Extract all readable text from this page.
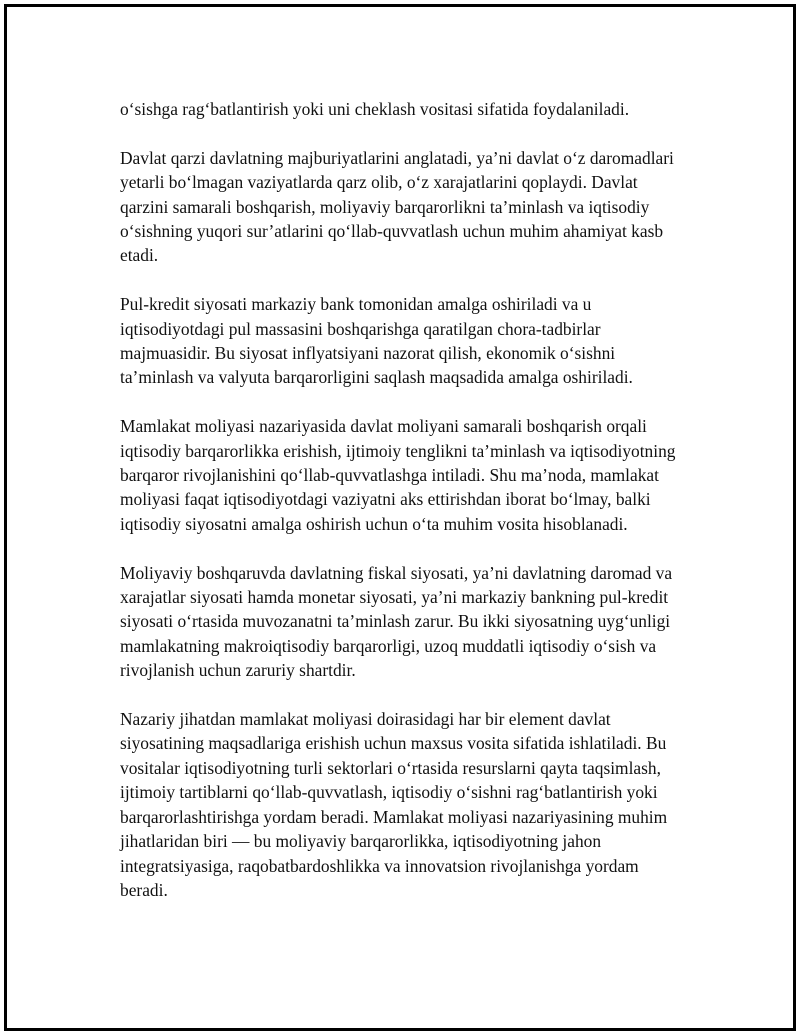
o‘sishga rag‘batlantirish yoki uni cheklash vositasi sifatida foydalaniladi.

Davlat qarzi davlatning majburiyatlarini anglatadi, ya’ni davlat o‘z daromadlari yetarli bo‘lmagan vaziyatlarda qarz olib, o‘z xarajatlarini qoplaydi. Davlat qarzini samarali boshqarish, moliyaviy barqarorlikni ta’minlash va iqtisodiy o‘sishning yuqori sur’atlarini qo‘llab-quvvatlash uchun muhim ahamiyat kasb etadi.

Pul-kredit siyosati markaziy bank tomonidan amalga oshiriladi va u iqtisodiyotdagi pul massasini boshqarishga qaratilgan chora-tadbirlar majmuasidir. Bu siyosat inflyatsiyani nazorat qilish, ekonomik o‘sishni ta’minlash va valyuta barqarorligini saqlash maqsadida amalga oshiriladi.

Mamlakat moliyasi nazariyasida davlat moliyani samarali boshqarish orqali iqtisodiy barqarorlikka erishish, ijtimoiy tenglikni ta’minlash va iqtisodiyotning barqaror rivojlanishini qo‘llab-quvvatlashga intiladi. Shu ma’noda, mamlakat moliyasi faqat iqtisodiyotdagi vaziyatni aks ettirishdan iborat bo‘lmay, balki iqtisodiy siyosatni amalga oshirish uchun o‘ta muhim vosita hisoblanadi.

Moliyaviy boshqaruvda davlatning fiskal siyosati, ya’ni davlatning daromad va xarajatlar siyosati hamda monetar siyosati, ya’ni markaziy bankning pul-kredit siyosati o‘rtasida muvozanatni ta’minlash zarur. Bu ikki siyosatning uyg‘unligi mamlakatning makroiqtisodiy barqarorligi, uzoq muddatli iqtisodiy o‘sish va rivojlanish uchun zaruriy shartdir.

Nazariy jihatdan mamlakat moliyasi doirasidagi har bir element davlat siyosatining maqsadlariga erishish uchun maxsus vosita sifatida ishlatiladi. Bu vositalar iqtisodiyotning turli sektorlari o‘rtasida resurslarni qayta taqsimlash, ijtimoiy tartiblarni qo‘llab-quvvatlash, iqtisodiy o‘sishni rag‘batlantirish yoki barqarorlashtirishga yordam beradi. Mamlakat moliyasi nazariyasining muhim jihatlaridan biri — bu moliyaviy barqarorlikka, iqtisodiyotning jahon integratsiyasiga, raqobatbardoshlikka va innovatsion rivojlanishga yordam beradi.
